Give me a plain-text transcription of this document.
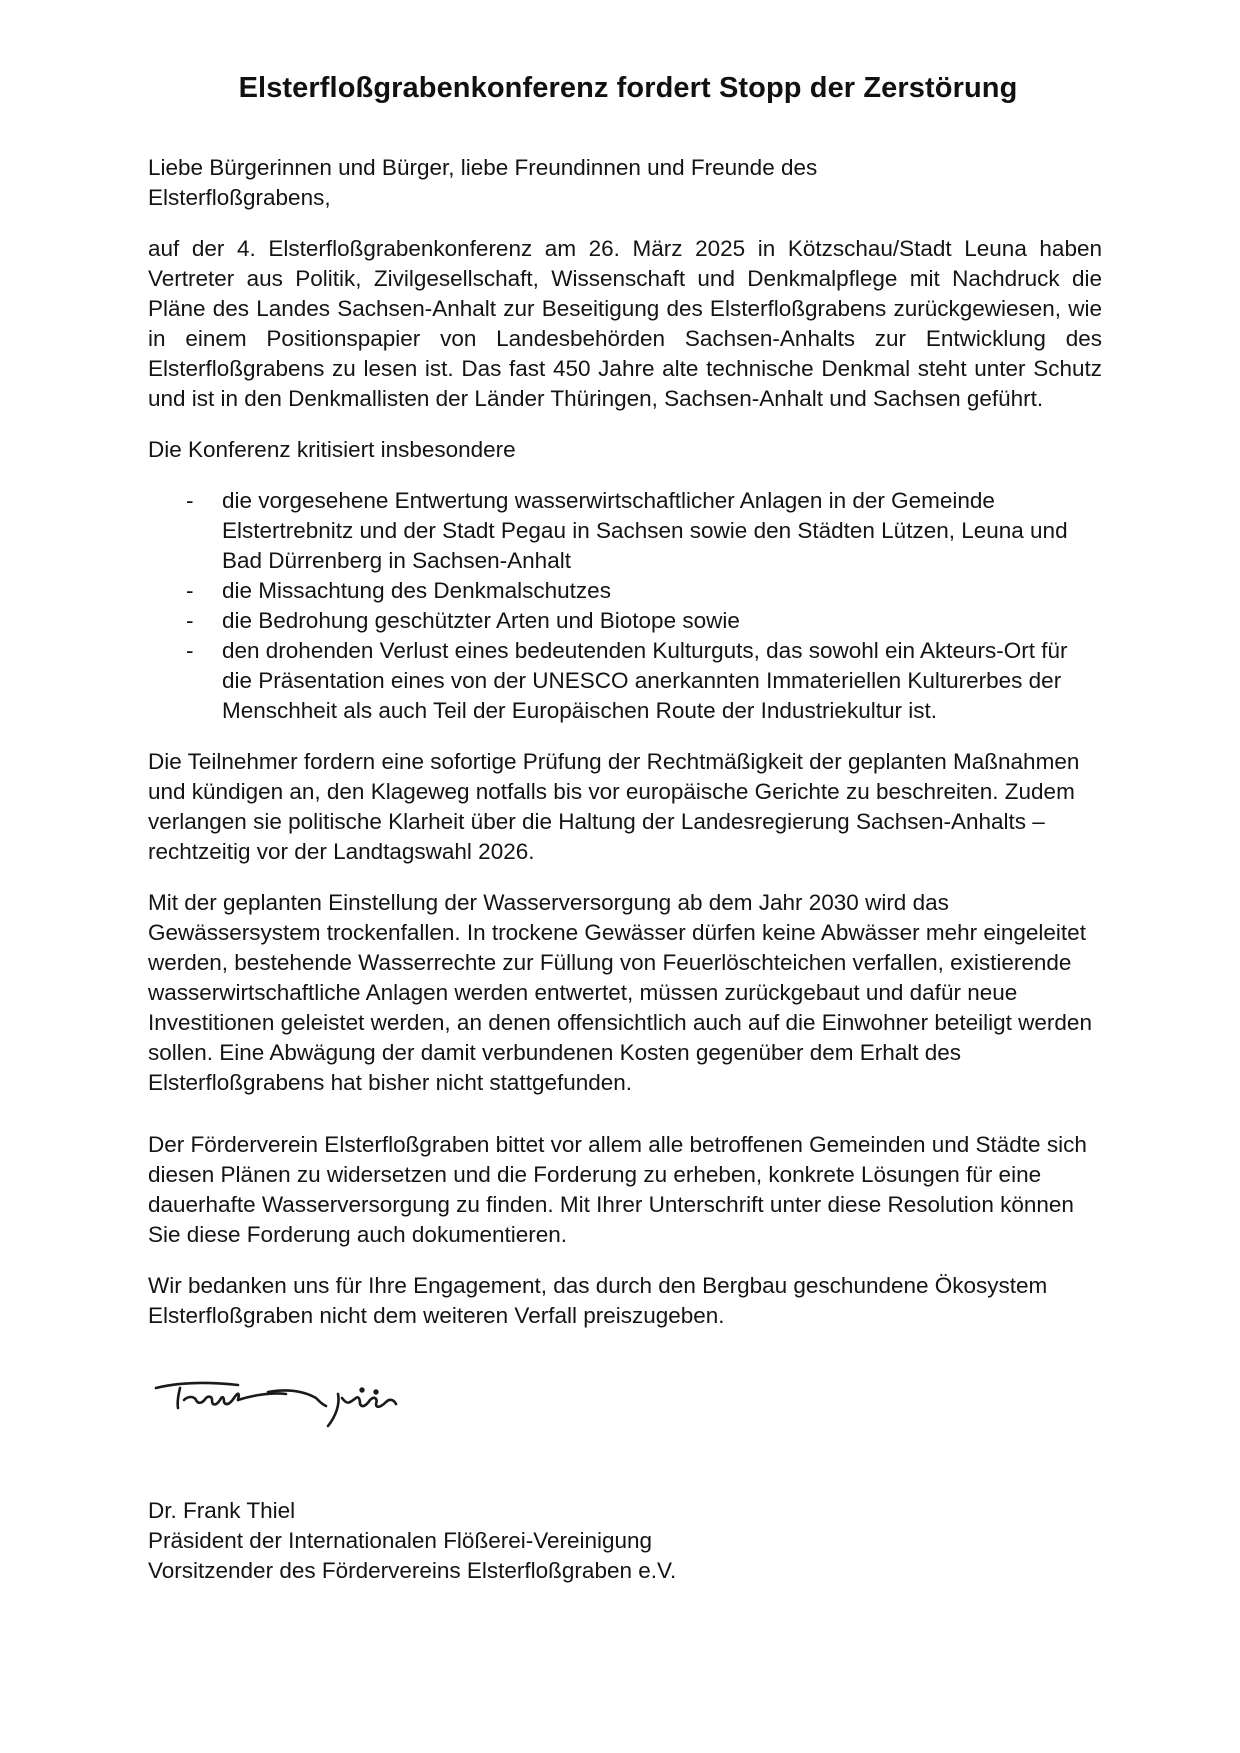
Elsterfloßgrabenkonferenz fordert Stopp der Zerstörung

Liebe Bürgerinnen und Bürger, liebe Freundinnen und Freunde des Elsterfloßgrabens,

auf der 4. Elsterfloßgrabenkonferenz am 26. März 2025 in Kötzschau/Stadt Leuna haben Vertreter aus Politik, Zivilgesellschaft, Wissenschaft und Denkmalpflege mit Nachdruck die Pläne des Landes Sachsen-Anhalt zur Beseitigung des Elsterfloßgrabens zurückgewiesen, wie in einem Positionspapier von Landesbehörden Sachsen-Anhalts zur Entwicklung des Elsterfloßgrabens zu lesen ist. Das fast 450 Jahre alte technische Denkmal steht unter Schutz und ist in den Denkmallisten der Länder Thüringen, Sachsen-Anhalt und Sachsen geführt.

Die Konferenz kritisiert insbesondere

- die vorgesehene Entwertung wasserwirtschaftlicher Anlagen in der Gemeinde Elstertrebnitz und der Stadt Pegau in Sachsen sowie den Städten Lützen, Leuna und Bad Dürrenberg in Sachsen-Anhalt
- die Missachtung des Denkmalschutzes
- die Bedrohung geschützter Arten und Biotope sowie
- den drohenden Verlust eines bedeutenden Kulturguts, das sowohl ein Akteurs-Ort für die Präsentation eines von der UNESCO anerkannten Immateriellen Kulturerbes der Menschheit als auch Teil der Europäischen Route der Industriekultur ist.

Die Teilnehmer fordern eine sofortige Prüfung der Rechtmäßigkeit der geplanten Maßnahmen und kündigen an, den Klageweg notfalls bis vor europäische Gerichte zu beschreiten. Zudem verlangen sie politische Klarheit über die Haltung der Landesregierung Sachsen-Anhalts – rechtzeitig vor der Landtagswahl 2026.

Mit der geplanten Einstellung der Wasserversorgung ab dem Jahr 2030 wird das Gewässersystem trockenfallen. In trockene Gewässer dürfen keine Abwässer mehr eingeleitet werden, bestehende Wasserrechte zur Füllung von Feuerlöschteichen verfallen, existierende wasserwirtschaftliche Anlagen werden entwertet, müssen zurückgebaut und dafür neue Investitionen geleistet werden, an denen offensichtlich auch auf die Einwohner beteiligt werden sollen. Eine Abwägung der damit verbundenen Kosten gegenüber dem Erhalt des Elsterfloßgrabens hat bisher nicht stattgefunden.

Der Förderverein Elsterfloßgraben bittet vor allem alle betroffenen Gemeinden und Städte sich diesen Plänen zu widersetzen und die Forderung zu erheben, konkrete Lösungen für eine dauerhafte Wasserversorgung zu finden. Mit Ihrer Unterschrift unter diese Resolution können Sie diese Forderung auch dokumentieren.

Wir bedanken uns für Ihre Engagement, das durch den Bergbau geschundene Ökosystem Elsterfloßgraben nicht dem weiteren Verfall preiszugeben.

Dr. Frank Thiel
Präsident der Internationalen Flößerei-Vereinigung
Vorsitzender des Fördervereins Elsterfloßgraben e.V.
